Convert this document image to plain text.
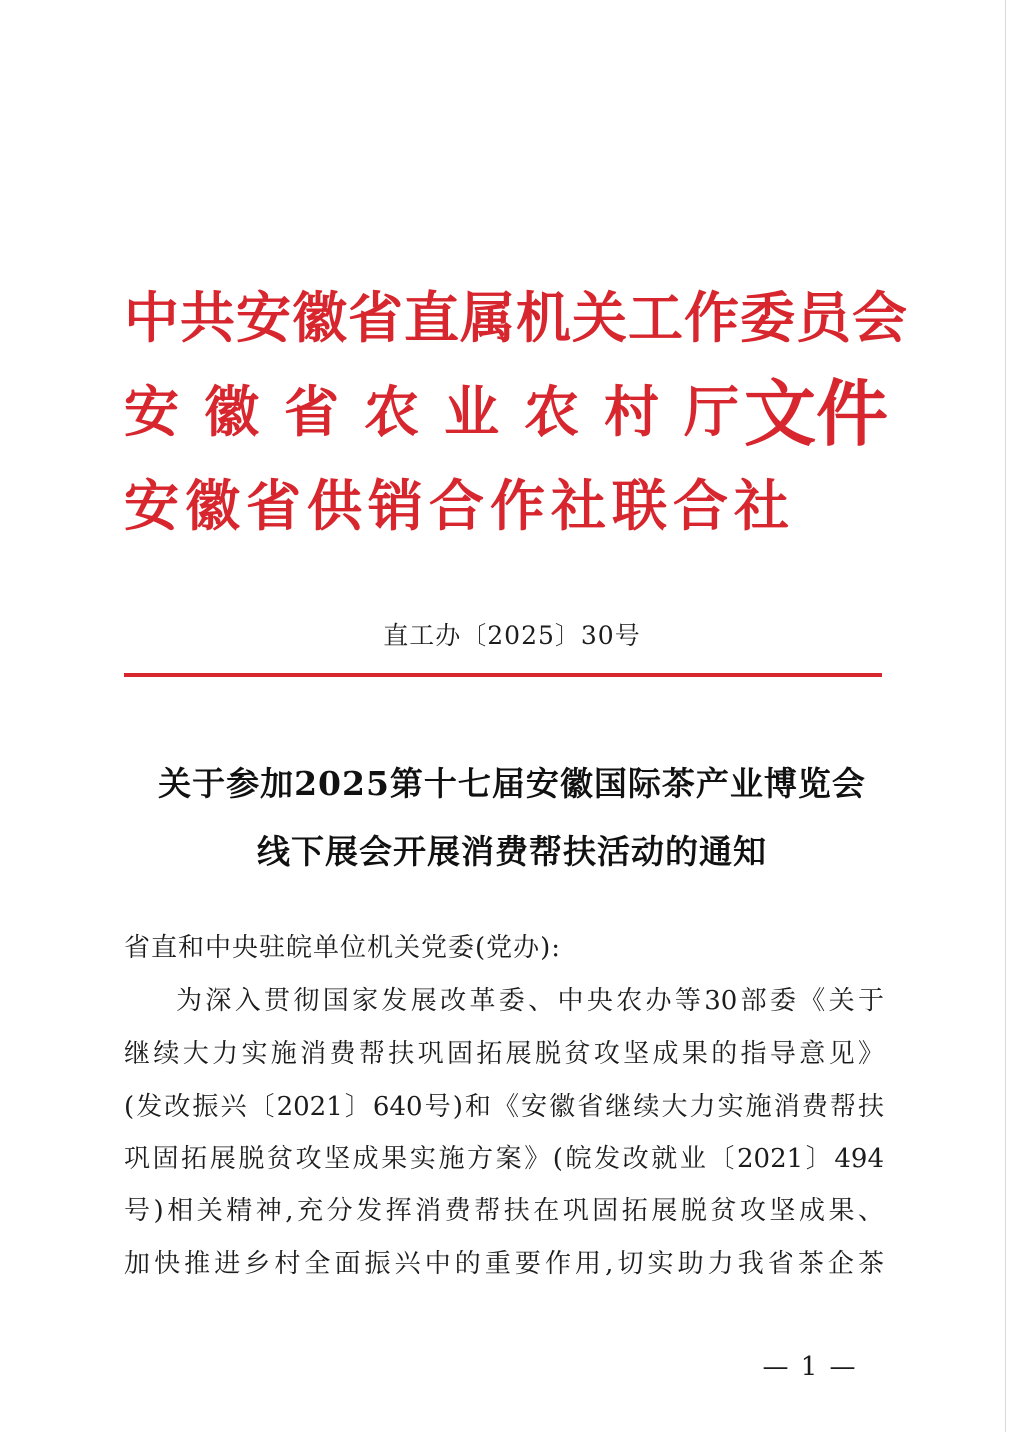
中共安徽省直属机关工作委员会
安徽省农业农村厅
安徽省供销合作社联合社
文件
直工办〔2025〕30号
关于参加2025第十七届安徽国际茶产业博览会
线下展会开展消费帮扶活动的通知
省直和中央驻皖单位机关党委(党办):
为深入贯彻国家发展改革委、中央农办等30部委《关于
继续大力实施消费帮扶巩固拓展脱贫攻坚成果的指导意见》
(发改振兴〔2021〕640号)和《安徽省继续大力实施消费帮扶
巩固拓展脱贫攻坚成果实施方案》(皖发改就业〔2021〕494
号)相关精神,充分发挥消费帮扶在巩固拓展脱贫攻坚成果、
加快推进乡村全面振兴中的重要作用,切实助力我省茶企茶
— 1 —
